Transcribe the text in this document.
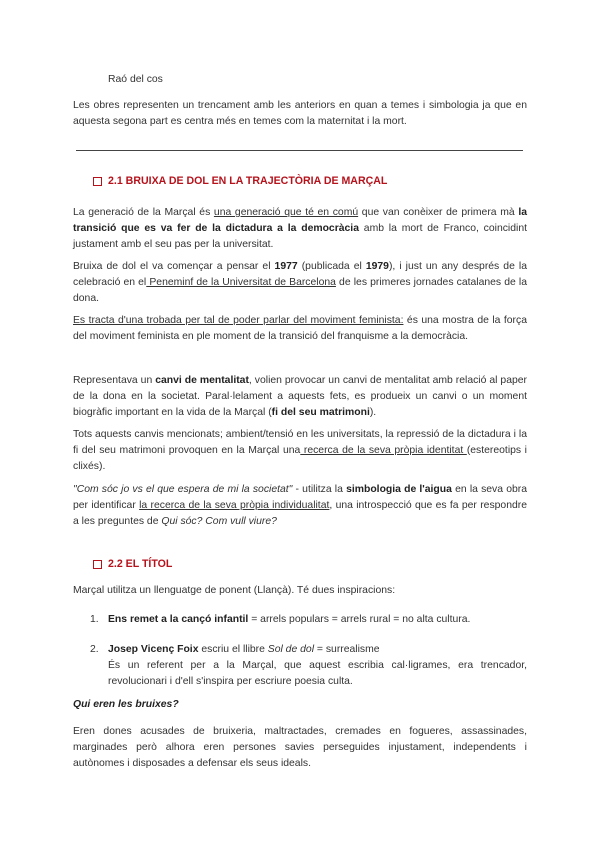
Raó del cos

Les obres representen un trencament amb les anteriors en quan a temes i simbologia ja que en aquesta segona part es centra més en temes com la maternitat i la mort.

2.1 BRUIXA DE DOL EN LA TRAJECTÒRIA DE MARÇAL

La generació de la Marçal és una generació que té en comú que van conèixer de primera mà la transició que es va fer de la dictadura a la democràcia amb la mort de Franco, coincidint justament amb el seu pas per la universitat.

Bruixa de dol el va començar a pensar el 1977 (publicada el 1979), i just un any després de la celebració en el Peneminf de la Universitat de Barcelona de les primeres jornades catalanes de la dona.

Es tracta d'una trobada per tal de poder parlar del moviment feminista: és una mostra de la força del moviment feminista en ple moment de la transició del franquisme a la democràcia.

Representava un canvi de mentalitat, volien provocar un canvi de mentalitat amb relació al paper de la dona en la societat. Paral·lelament a aquests fets, es produeix un canvi o un moment biogràfic important en la vida de la Marçal (fi del seu matrimoni).

Tots aquests canvis mencionats; ambient/tensió en les universitats, la repressió de la dictadura i la fi del seu matrimoni provoquen en la Marçal una recerca de la seva pròpia identitat (estereotips i clixés).

"Com sóc jo vs el que espera de mi la societat" - utilitza la simbologia de l'aigua en la seva obra per identificar la recerca de la seva pròpia individualitat, una introspecció que es fa per respondre a les preguntes de Qui sóc? Com vull viure?

2.2 EL TÍTOL

Marçal utilitza un llenguatge de ponent (Llançà). Té dues inspiracions:

1. Ens remet a la cançó infantil = arrels populars = arrels rural = no alta cultura.

2. Josep Vicenç Foix escriu el llibre Sol de dol = surrealisme
És un referent per a la Marçal, que aquest escribia cal·ligrames, era trencador, revolucionari i d'ell s'inspira per escriure poesia culta.

Qui eren les bruixes?

Eren dones acusades de bruixeria, maltractades, cremades en fogueres, assassinades, marginades però alhora eren persones savies perseguides injustament, independents i autònomes i disposades a defensar els seus ideals.
